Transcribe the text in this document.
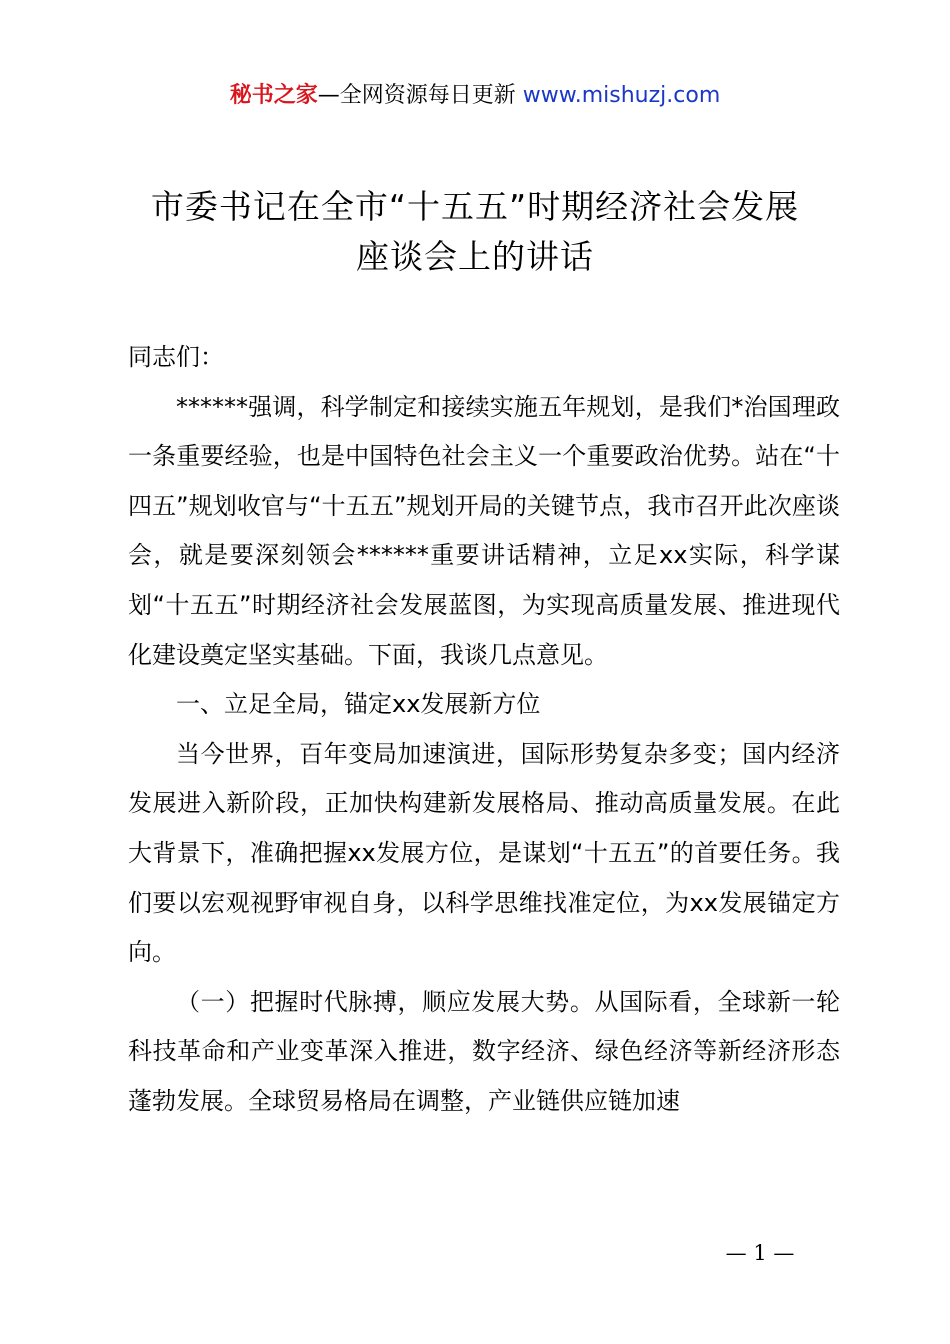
秘书之家—全网资源每日更新 www.mishuzj.com
市委书记在全市“十五五”时期经济社会发展
座谈会上的讲话

同志们：

******强调，科学制定和接续实施五年规划，是我们*治国理政一条重要经验，也是中国特色社会主义一个重要政治优势。站在“十四五”规划收官与“十五五”规划开局的关键节点，我市召开此次座谈会，就是要深刻领会******重要讲话精神，立足xx实际，科学谋划“十五五”时期经济社会发展蓝图，为实现高质量发展、推进现代化建设奠定坚实基础。下面，我谈几点意见。

一、立足全局，锚定xx发展新方位

当今世界，百年变局加速演进，国际形势复杂多变；国内经济发展进入新阶段，正加快构建新发展格局、推动高质量发展。在此大背景下，准确把握xx发展方位，是谋划“十五五”的首要任务。我们要以宏观视野审视自身，以科学思维找准定位，为xx发展锚定方向。

（一）把握时代脉搏，顺应发展大势。从国际看，全球新一轮科技革命和产业变革深入推进，数字经济、绿色经济等新经济形态蓬勃发展。全球贸易格局在调整，产业链供应链加速

— 1 —
